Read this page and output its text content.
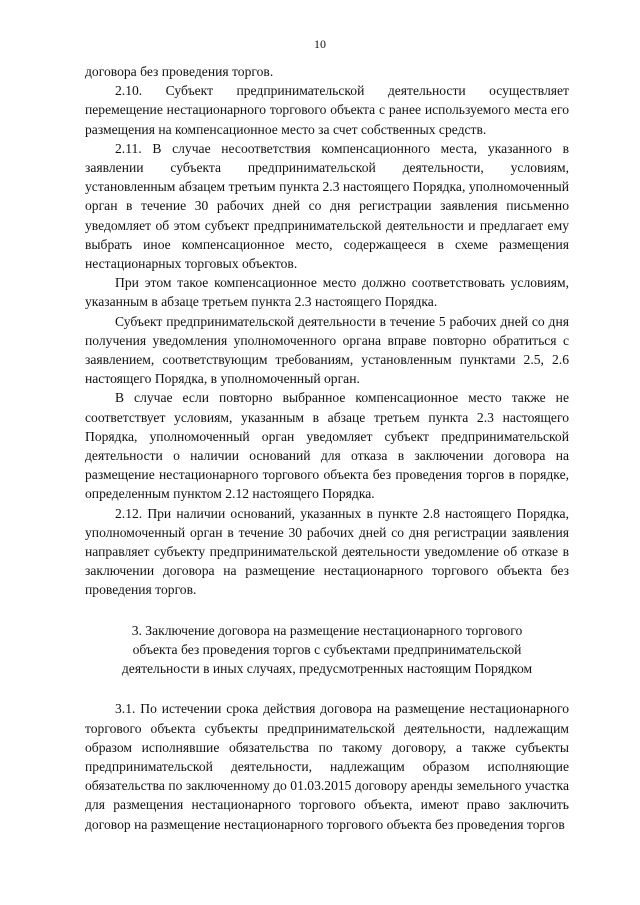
10

договора без проведения торгов.

2.10. Субъект предпринимательской деятельности осуществляет перемещение нестационарного торгового объекта с ранее используемого места его размещения на компенсационное место за счет собственных средств.

2.11. В случае несоответствия компенсационного места, указанного в заявлении субъекта предпринимательской деятельности, условиям, установленным абзацем третьим пункта 2.3 настоящего Порядка, уполномоченный орган в течение 30 рабочих дней со дня регистрации заявления письменно уведомляет об этом субъект предпринимательской деятельности и предлагает ему выбрать иное компенсационное место, содержащееся в схеме размещения нестационарных торговых объектов.

При этом такое компенсационное место должно соответствовать условиям, указанным в абзаце третьем пункта 2.3 настоящего Порядка.

Субъект предпринимательской деятельности в течение 5 рабочих дней со дня получения уведомления уполномоченного органа вправе повторно обратиться с заявлением, соответствующим требованиям, установленным пунктами 2.5, 2.6 настоящего Порядка, в уполномоченный орган.

В случае если повторно выбранное компенсационное место также не соответствует условиям, указанным в абзаце третьем пункта 2.3 настоящего Порядка, уполномоченный орган уведомляет субъект предпринимательской деятельности о наличии оснований для отказа в заключении договора на размещение нестационарного торгового объекта без проведения торгов в порядке, определенным пунктом 2.12 настоящего Порядка.

2.12. При наличии оснований, указанных в пункте 2.8 настоящего Порядка, уполномоченный орган в течение 30 рабочих дней со дня регистрации заявления направляет субъекту предпринимательской деятельности уведомление об отказе в заключении договора на размещение нестационарного торгового объекта без проведения торгов.

3. Заключение договора на размещение нестационарного торгового
объекта без проведения торгов с субъектами предпринимательской
деятельности в иных случаях, предусмотренных настоящим Порядком

3.1. По истечении срока действия договора на размещение нестационарного торгового объекта субъекты предпринимательской деятельности, надлежащим образом исполнявшие обязательства по такому договору, а также субъекты предпринимательской деятельности, надлежащим образом исполняющие обязательства по заключенному до 01.03.2015 договору аренды земельного участка для размещения нестационарного торгового объекта, имеют право заключить договор на размещение нестационарного торгового объекта без проведения торгов
